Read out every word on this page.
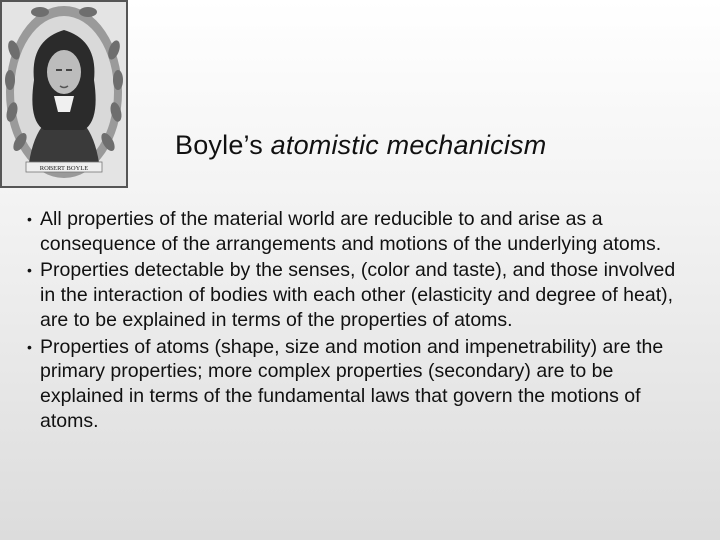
ROBERT BOYLE
Boyle’s atomistic mechanicism
• All properties of the material world are reducible to and arise as a consequence of the arrangements and motions of the underlying atoms.
• Properties detectable by the senses, (color and taste), and those involved in the interaction of bodies with each other (elasticity and degree of heat), are to be explained in terms of the properties of atoms.
• Properties of atoms (shape, size and motion and impenetrability) are the primary properties; more complex properties (secondary) are to be explained in terms of the fundamental laws that govern the motions of atoms.
